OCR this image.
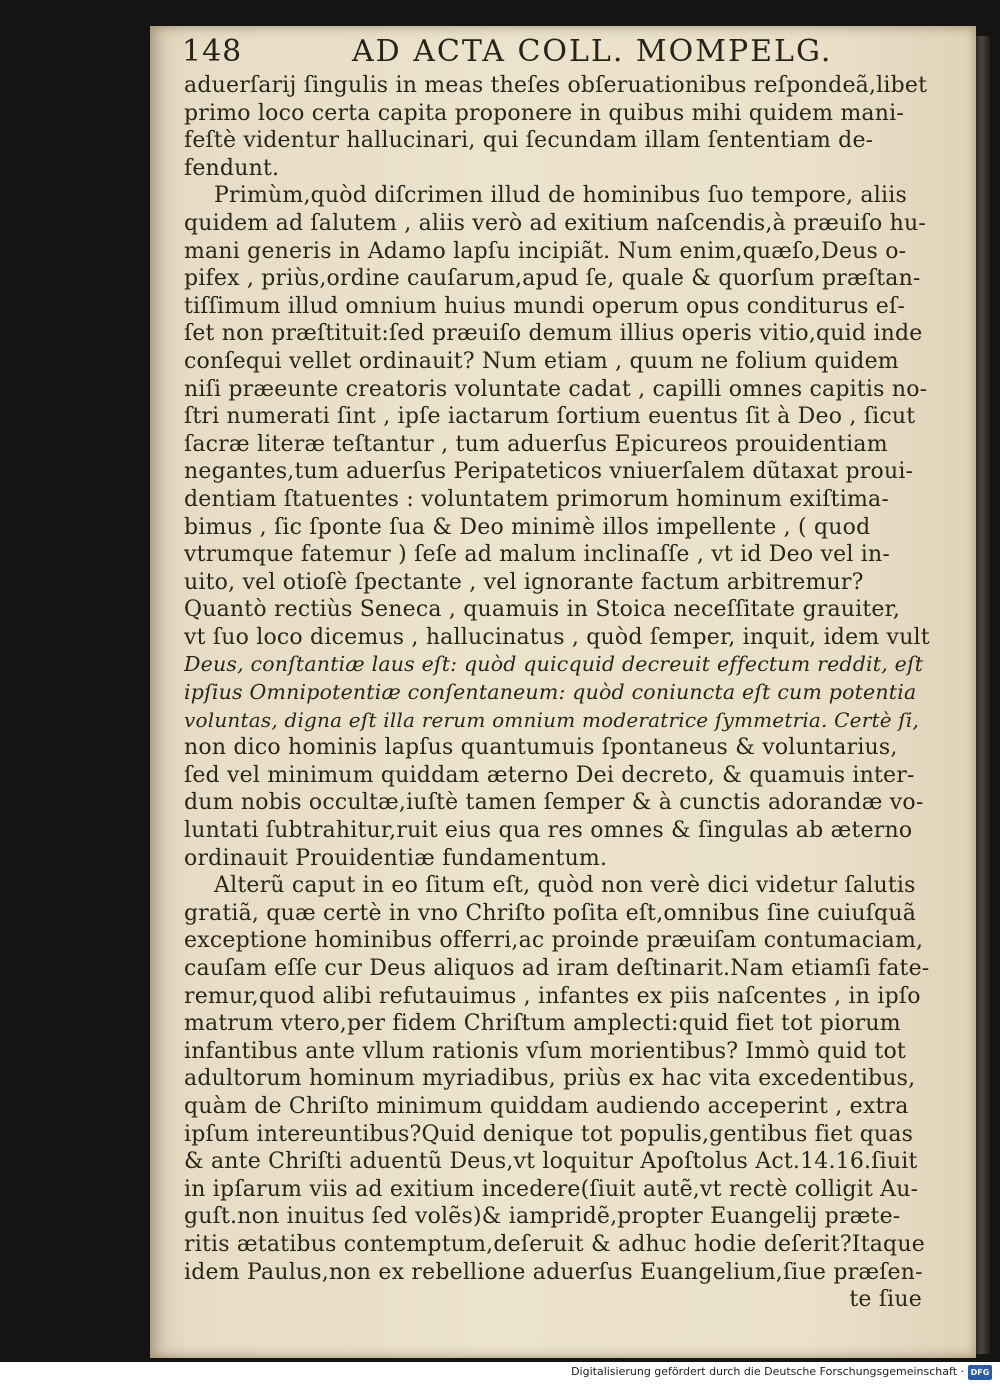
148	AD ACTA COLL. MOMPELG.
aduerſarij ſingulis in meas theſes obſeruationibus reſpondeã,libet
primo loco certa capita proponere in quibus mihi quidem mani-
feſtè videntur hallucinari, qui ſecundam illam ſententiam de-
fendunt.
Primùm,quòd diſcrimen illud de hominibus ſuo tempore, aliis
quidem ad ſalutem , aliis verò ad exitium naſcendis,à præuiſo hu-
mani generis in Adamo lapſu incipiãt. Num enim,quæſo,Deus o-
pifex , priùs,ordine cauſarum,apud ſe, quale & quorſum præſtan-
tiſſimum illud omnium huius mundi operum opus conditurus eſ-
ſet non præſtituit:ſed præuiſo demum illius operis vitio,quid inde
conſequi vellet ordinauit? Num etiam , quum ne folium quidem
niſi præeunte creatoris voluntate cadat , capilli omnes capitis no-
ſtri numerati ſint , ipſe iactarum ſortium euentus ſit à Deo , ſicut
ſacræ literæ teſtantur , tum aduerſus Epicureos prouidentiam
negantes,tum aduerſus Peripateticos vniuerſalem dũtaxat proui-
dentiam ſtatuentes : voluntatem primorum hominum exiſtima-
bimus , ſic ſponte ſua & Deo minimè illos impellente , ( quod
vtrumque fatemur ) ſeſe ad malum inclinaſſe , vt id Deo vel in-
uito, vel otioſè ſpectante , vel ignorante factum arbitremur?
Quantò rectiùs Seneca , quamuis in Stoica neceſſitate grauiter,
vt ſuo loco dicemus , hallucinatus , quòd ſemper, inquit, idem vult
Deus, conſtantiæ laus eſt: quòd quicquid decreuit effectum reddit, eſt
ipſius Omnipotentiæ conſentaneum: quòd coniuncta eſt cum potentia
voluntas, digna eſt illa rerum omnium moderatrice ſymmetria. Certè ſi,
non dico hominis lapſus quantumuis ſpontaneus & voluntarius,
ſed vel minimum quiddam æterno Dei decreto, & quamuis inter-
dum nobis occultæ,iuſtè tamen ſemper & à cunctis adorandæ vo-
luntati ſubtrahitur,ruit eius qua res omnes & ſingulas ab æterno
ordinauit Prouidentiæ fundamentum.
Alterũ caput in eo ſitum eſt, quòd non verè dici videtur ſalutis
gratiã, quæ certè in vno Chriſto poſita eſt,omnibus ſine cuiuſquã
exceptione hominibus offerri,ac proinde præuiſam contumaciam,
cauſam eſſe cur Deus aliquos ad iram deſtinarit.Nam etiamſi fate-
remur,quod alibi refutauimus , infantes ex piis naſcentes , in ipſo
matrum vtero,per fidem Chriſtum amplecti:quid fiet tot piorum
infantibus ante vllum rationis vſum morientibus? Immò quid tot
adultorum hominum myriadibus, priùs ex hac vita excedentibus,
quàm de Chriſto minimum quiddam audiendo acceperint , extra
ipſum intereuntibus?Quid denique tot populis,gentibus fiet quas
& ante Chriſti aduentũ Deus,vt loquitur Apoſtolus Act.14.16.ſiuit
in ipſarum viis ad exitium incedere(ſiuit autẽ,vt rectè colligit Au-
guſt.non inuitus ſed volẽs)& iampridẽ,propter Euangelij præte-
ritis ætatibus contemptum,deſeruit & adhuc hodie deſerit?Itaque
idem Paulus,non ex rebellione aduerſus Euangelium,ſiue præſen-
te ſiue
Digitalisierung gefördert durch die Deutsche Forschungsgemeinschaft · DFG
